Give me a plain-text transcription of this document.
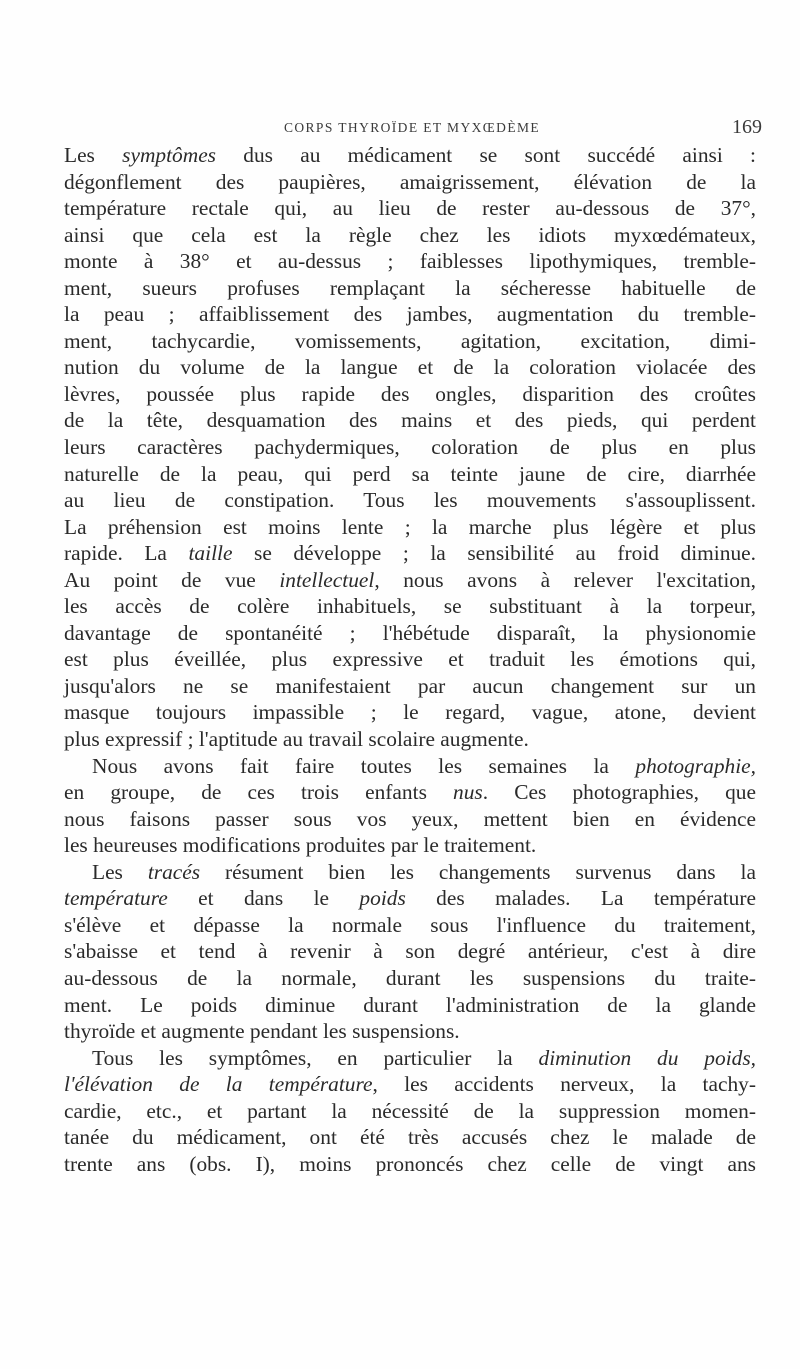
CORPS THYROÏDE ET MYXŒDÈME	169
Les symptômes dus au médicament se sont succédé ainsi :
dégonflement des paupières, amaigrissement, élévation de la
température rectale qui, au lieu de rester au-dessous de 37°,
ainsi que cela est la règle chez les idiots myxœdémateux,
monte à 38° et au-dessus ; faiblesses lipothymiques, tremble-
ment, sueurs profuses remplaçant la sécheresse habituelle de
la peau ; affaiblissement des jambes, augmentation du tremble-
ment, tachycardie, vomissements, agitation, excitation, dimi-
nution du volume de la langue et de la coloration violacée des
lèvres, poussée plus rapide des ongles, disparition des croûtes
de la tête, desquamation des mains et des pieds, qui perdent
leurs caractères pachydermiques, coloration de plus en plus
naturelle de la peau, qui perd sa teinte jaune de cire, diarrhée
au lieu de constipation. Tous les mouvements s'assouplissent.
La préhension est moins lente ; la marche plus légère et plus
rapide. La taille se développe ; la sensibilité au froid diminue.
Au point de vue intellectuel, nous avons à relever l'excitation,
les accès de colère inhabituels, se substituant à la torpeur,
davantage de spontanéité ; l'hébétude disparaît, la physionomie
est plus éveillée, plus expressive et traduit les émotions qui,
jusqu'alors ne se manifestaient par aucun changement sur un
masque toujours impassible ; le regard, vague, atone, devient
plus expressif ; l'aptitude au travail scolaire augmente.
Nous avons fait faire toutes les semaines la photographie,
en groupe, de ces trois enfants nus. Ces photographies, que
nous faisons passer sous vos yeux, mettent bien en évidence
les heureuses modifications produites par le traitement.
Les tracés résument bien les changements survenus dans la
température et dans le poids des malades. La température
s'élève et dépasse la normale sous l'influence du traitement,
s'abaisse et tend à revenir à son degré antérieur, c'est à dire
au-dessous de la normale, durant les suspensions du traite-
ment. Le poids diminue durant l'administration de la glande
thyroïde et augmente pendant les suspensions.
Tous les symptômes, en particulier la diminution du poids,
l'élévation de la température, les accidents nerveux, la tachy-
cardie, etc., et partant la nécessité de la suppression momen-
tanée du médicament, ont été très accusés chez le malade de
trente ans (obs. I), moins prononcés chez celle de vingt ans
